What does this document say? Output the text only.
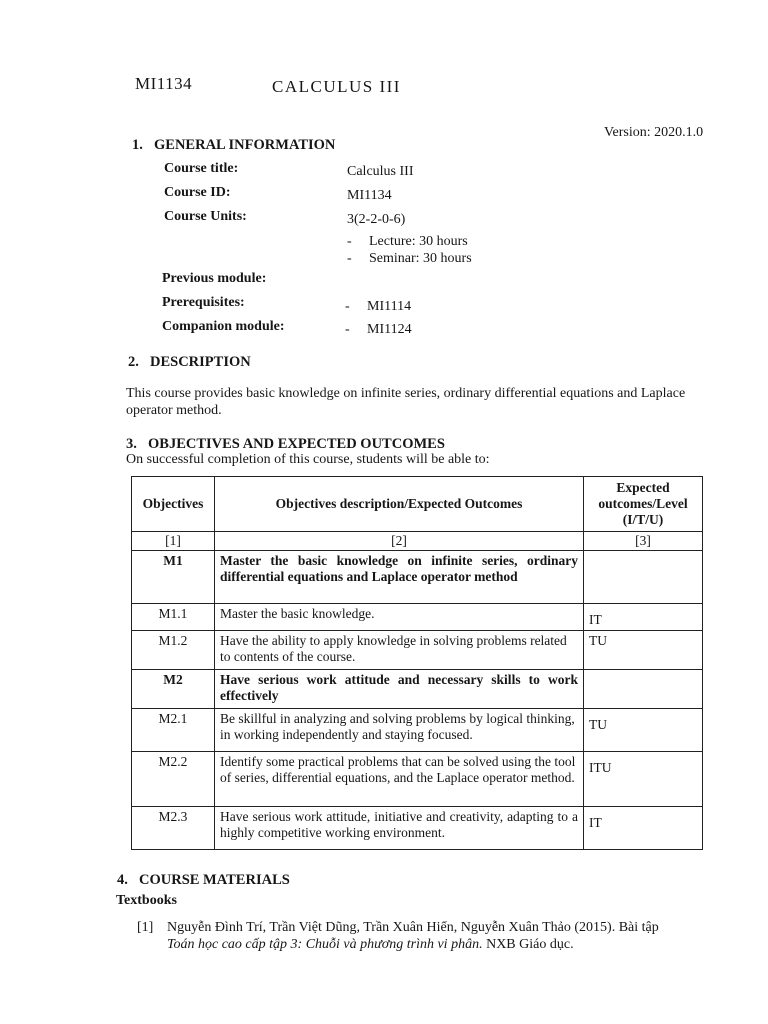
MI1134	CALCULUS III
Version: 2020.1.0
1. GENERAL INFORMATION
Course title:	Calculus III
Course ID:	MI1134
Course Units:	3(2-2-0-6)
- Lecture: 30 hours
- Seminar: 30 hours
Previous module:
Prerequisites:	- MI1114
Companion module:	- MI1124
2. DESCRIPTION
This course provides basic knowledge on infinite series, ordinary differential equations and Laplace operator method.
3. OBJECTIVES AND EXPECTED OUTCOMES
On successful completion of this course, students will be able to:
Objectives	Objectives description/Expected Outcomes	Expected outcomes/Level (I/T/U)
[1]	[2]	[3]
M1	Master the basic knowledge on infinite series, ordinary differential equations and Laplace operator method	
M1.1	Master the basic knowledge.	IT
M1.2	Have the ability to apply knowledge in solving problems related to contents of the course.	TU
M2	Have serious work attitude and necessary skills to work effectively	
M2.1	Be skillful in analyzing and solving problems by logical thinking, in working independently and staying focused.	TU
M2.2	Identify some practical problems that can be solved using the tool of series, differential equations, and the Laplace operator method.	ITU
M2.3	Have serious work attitude, initiative and creativity, adapting to a highly competitive working environment.	IT
4. COURSE MATERIALS
Textbooks
[1] Nguyễn Đình Trí, Trần Việt Dũng, Trần Xuân Hiển, Nguyễn Xuân Thảo (2015). Bài tập
Toán học cao cấp tập 3: Chuỗi và phương trình vi phân. NXB Giáo dục.
